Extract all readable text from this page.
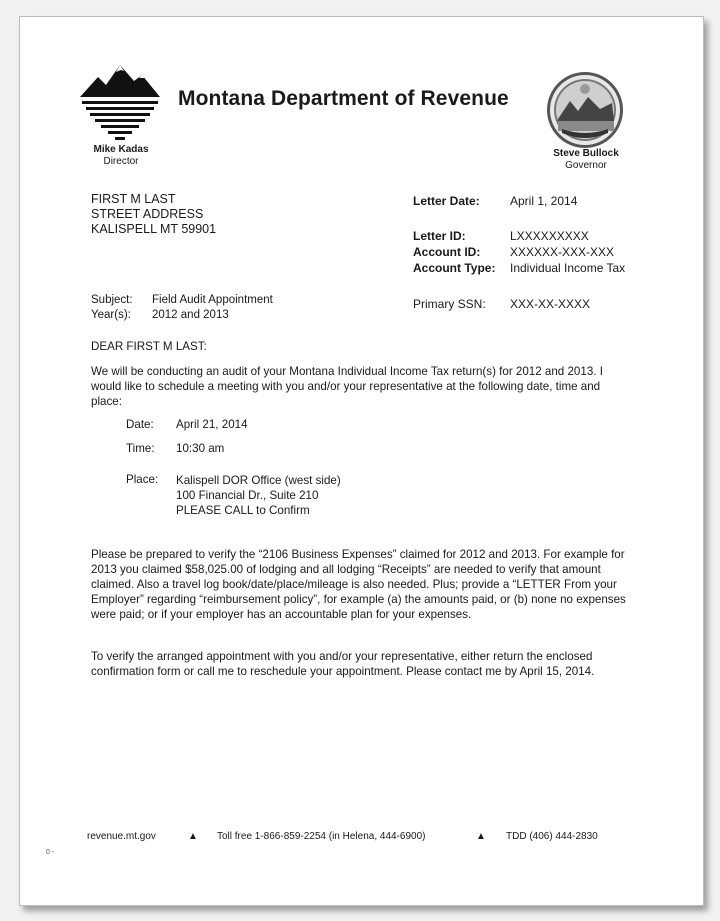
Mike Kadas
Director
Montana Department of Revenue
Steve Bullock
Governor
FIRST M LAST
STREET ADDRESS
KALISPELL MT 59901
Letter Date:	April 1, 2014
Letter ID:	LXXXXXXXXX
Account ID: XXXXXX-XXX-XXX
Account Type: Individual Income Tax
Primary SSN: XXX-XX-XXXX
Subject: Field Audit Appointment
Year(s): 2012 and 2013
DEAR FIRST M LAST:

We will be conducting an audit of your Montana Individual Income Tax return(s) for 2012 and 2013. I would like to schedule a meeting with you and/or your representative at the following date, time and place:

Date: April 21, 2014
Time: 10:30 am
Place: Kalispell DOR Office (west side)
100 Financial Dr., Suite 210
PLEASE CALL to Confirm

Please be prepared to verify the “2106 Business Expenses” claimed for 2012 and 2013. For example for 2013 you claimed $58,025.00 of lodging and all lodging “Receipts” are needed to verify that amount claimed. Also a travel log book/date/place/mileage is also needed. Plus; provide a “LETTER From your Employer” regarding “reimbursement policy”, for example (a) the amounts paid, or (b) none no expenses were paid; or if your employer has an accountable plan for your expenses.

To verify the arranged appointment with you and/or your representative, either return the enclosed confirmation form or call me to reschedule your appointment. Please contact me by April 15, 2014.

revenue.mt.gov	▲ Toll free 1-866-859-2254 (in Helena, 444-6900)	▲ TDD (406) 444-2830
0 -
